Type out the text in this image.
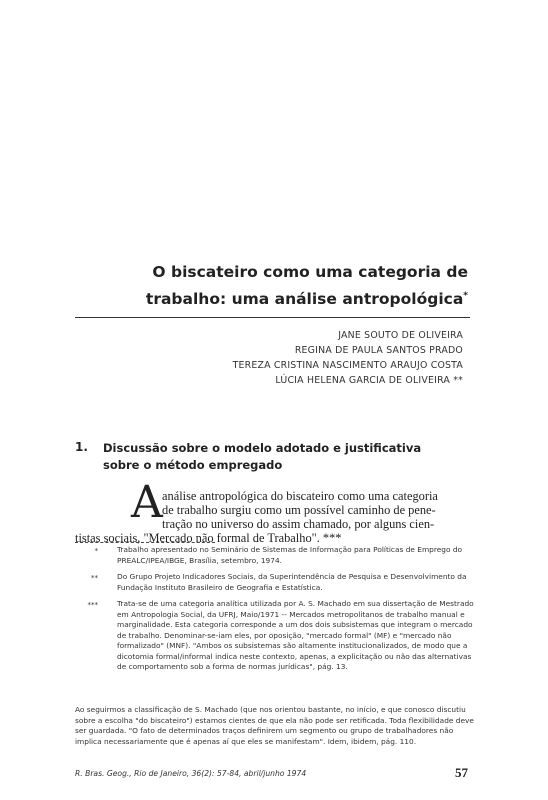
O biscateiro como uma categoria de
trabalho: uma análise antropológica*
JANE SOUTO DE OLIVEIRA
REGINA DE PAULA SANTOS PRADO
TEREZA CRISTINA NASCIMENTO ARAUJO COSTA
LÚCIA HELENA GARCIA DE OLIVEIRA **
1. Discussão sobre o modelo adotado e justificativa
sobre o método empregado
A análise antropológica do biscateiro como uma categoria
de trabalho surgiu como um possível caminho de pene-
tração no universo do assim chamado, por alguns cien-
tistas sociais, "Mercado não formal de Trabalho". ***
*	Trabalho apresentado no Seminário de Sistemas de Informação para Políticas de Emprego do PREALC/IPEA/IBGE, Brasília, setembro, 1974.
**	Do Grupo Projeto Indicadores Sociais, da Superintendência de Pesquisa e Desenvolvimento da Fundação Instituto Brasileiro de Geografia e Estatística.
***	Trata-se de uma categoria analítica utilizada por A. S. Machado em sua dissertação de Mestrado em Antropologia Social, da UFRJ, Maio/1971 -- Mercados metropolitanos de trabalho manual e marginalidade. Esta categoria corresponde a um dos dois subsistemas que integram o mercado de trabalho. Denominar-se-iam eles, por oposição, "mercado formal" (MF) e "mercado não formalizado" (MNF). "Ambos os subsistemas são altamente institucionalizados, de modo que a dicotomia formal/informal indica neste contexto, apenas, a explicitação ou não das alternativas de comportamento sob a forma de normas jurídicas", pág. 13.
Ao seguirmos a classificação de S. Machado (que nos orientou bastante, no início, e que conosco discutiu sobre a escolha "do biscateiro") estamos cientes de que ela não pode ser retificada. Toda flexibilidade deve ser guardada. "O fato de determinados traços definirem um segmento ou grupo de trabalhadores não implica necessariamente que é apenas aí que eles se manifestam". Idem, ibidem, pág. 110.
R. Bras. Geog., Rio de Janeiro, 36(2): 57-84, abril/junho 1974	57
